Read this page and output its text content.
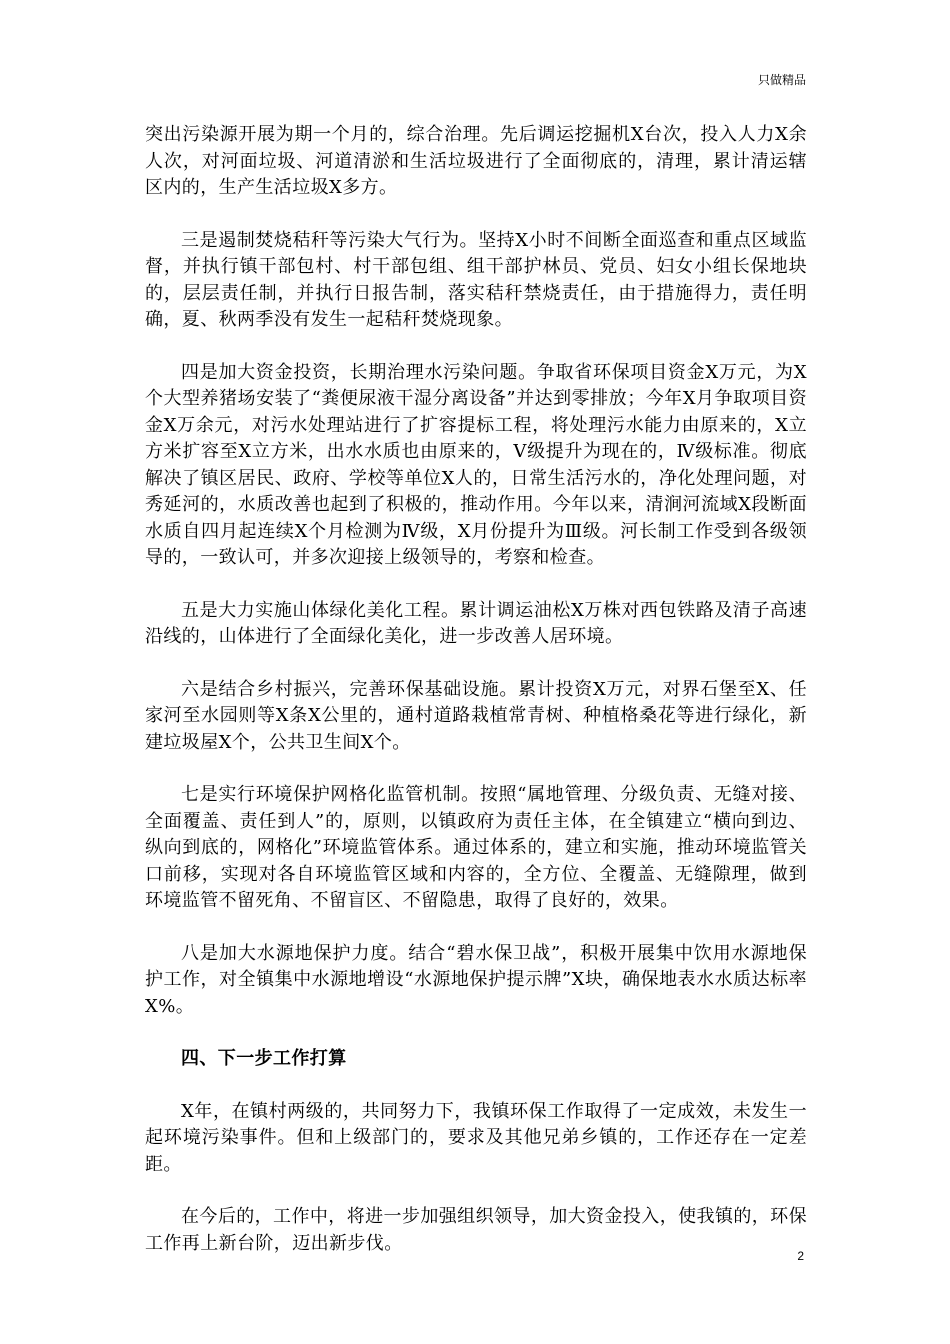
只做精品

突出污染源开展为期一个月的，综合治理。先后调运挖掘机X台次，投入人力X余人次，对河面垃圾、河道清淤和生活垃圾进行了全面彻底的，清理，累计清运辖区内的，生产生活垃圾X多方。

三是遏制焚烧秸秆等污染大气行为。坚持X小时不间断全面巡查和重点区域监督，并执行镇干部包村、村干部包组、组干部护林员、党员、妇女小组长保地块的，层层责任制，并执行日报告制，落实秸秆禁烧责任，由于措施得力，责任明确，夏、秋两季没有发生一起秸秆焚烧现象。

四是加大资金投资，长期治理水污染问题。争取省环保项目资金X万元，为X个大型养猪场安装了“粪便尿液干湿分离设备”并达到零排放；今年X月争取项目资金X万余元，对污水处理站进行了扩容提标工程，将处理污水能力由原来的，X立方米扩容至X立方米，出水水质也由原来的，Ⅴ级提升为现在的，Ⅳ级标准。彻底解决了镇区居民、政府、学校等单位X人的，日常生活污水的，净化处理问题，对秀延河的，水质改善也起到了积极的，推动作用。今年以来，清涧河流域X段断面水质自四月起连续X个月检测为Ⅳ级，X月份提升为Ⅲ级。河长制工作受到各级领导的，一致认可，并多次迎接上级领导的，考察和检查。

五是大力实施山体绿化美化工程。累计调运油松X万株对西包铁路及清子高速沿线的，山体进行了全面绿化美化，进一步改善人居环境。

六是结合乡村振兴，完善环保基础设施。累计投资X万元，对界石堡至X、任家河至水园则等X条X公里的，通村道路栽植常青树、种植格桑花等进行绿化，新建垃圾屋X个，公共卫生间X个。

七是实行环境保护网格化监管机制。按照“属地管理、分级负责、无缝对接、全面覆盖、责任到人”的，原则，以镇政府为责任主体，在全镇建立“横向到边、纵向到底的，网格化”环境监管体系。通过体系的，建立和实施，推动环境监管关口前移，实现对各自环境监管区域和内容的，全方位、全覆盖、无缝隙理，做到环境监管不留死角、不留盲区、不留隐患，取得了良好的，效果。

八是加大水源地保护力度。结合“碧水保卫战”，积极开展集中饮用水源地保护工作，对全镇集中水源地增设“水源地保护提示牌”X块，确保地表水水质达标率X%。

四、下一步工作打算

X年，在镇村两级的，共同努力下，我镇环保工作取得了一定成效，未发生一起环境污染事件。但和上级部门的，要求及其他兄弟乡镇的，工作还存在一定差距。

在今后的，工作中，将进一步加强组织领导，加大资金投入，使我镇的，环保工作再上新台阶，迈出新步伐。

2
